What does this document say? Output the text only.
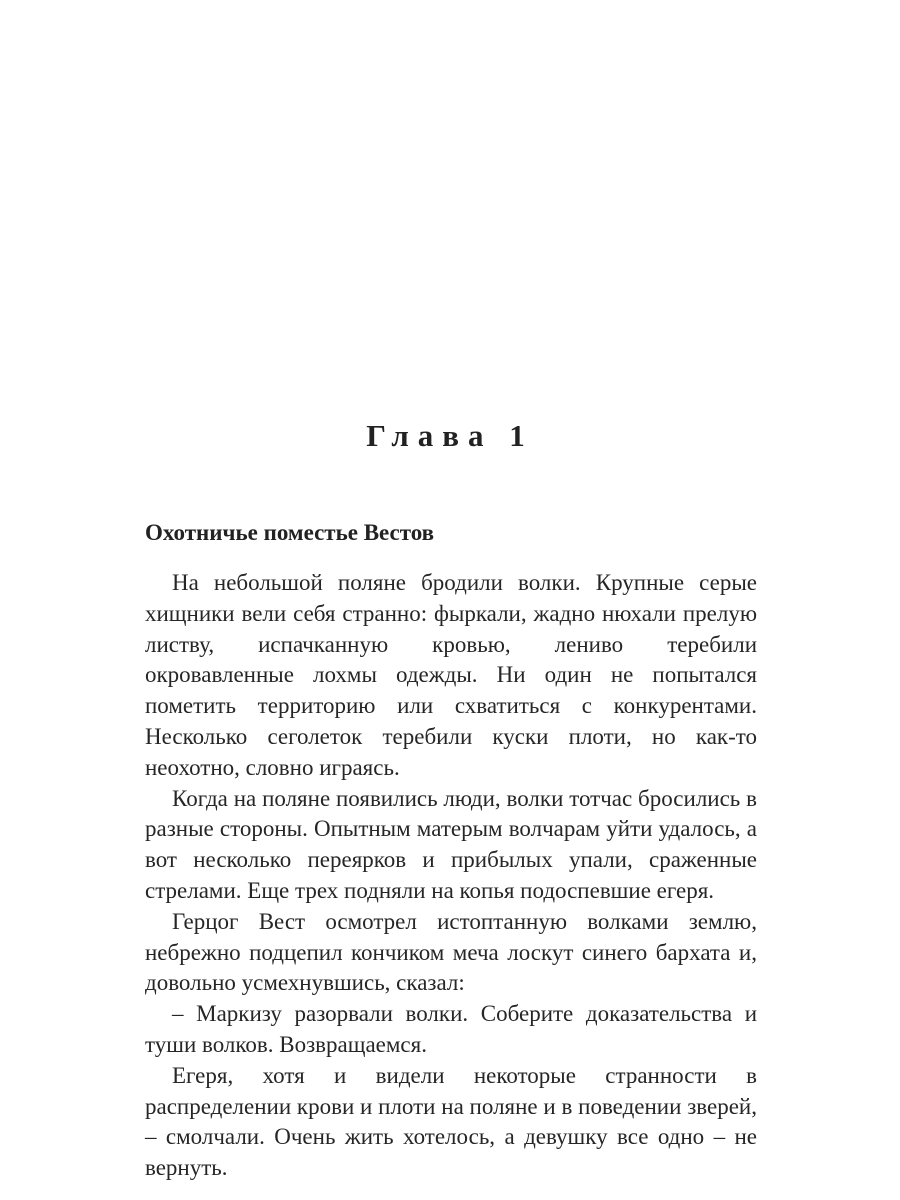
Глава 1
Охотничье поместье Вестов

На небольшой поляне бродили волки. Крупные серые хищники вели себя странно: фыркали, жадно нюхали прелую листву, испачканную кровью, лениво теребили окровавленные лохмы одежды. Ни один не попытался пометить территорию или схватиться с конкурентами. Несколько сеголеток теребили куски плоти, но как-то неохотно, словно играясь.

Когда на поляне появились люди, волки тотчас бросились в разные стороны. Опытным матерым волчарам уйти удалось, а вот несколько переярков и прибылых упали, сраженные стрелами. Еще трех подняли на копья подоспевшие егеря.

Герцог Вест осмотрел истоптанную волками землю, небрежно подцепил кончиком меча лоскут синего бархата и, довольно усмехнувшись, сказал:

– Маркизу разорвали волки. Соберите доказательства и туши волков. Возвращаемся.

Егеря, хотя и видели некоторые странности в распределении крови и плоти на поляне и в поведении зверей, – смолчали. Очень жить хотелось, а девушку все одно – не вернуть.
